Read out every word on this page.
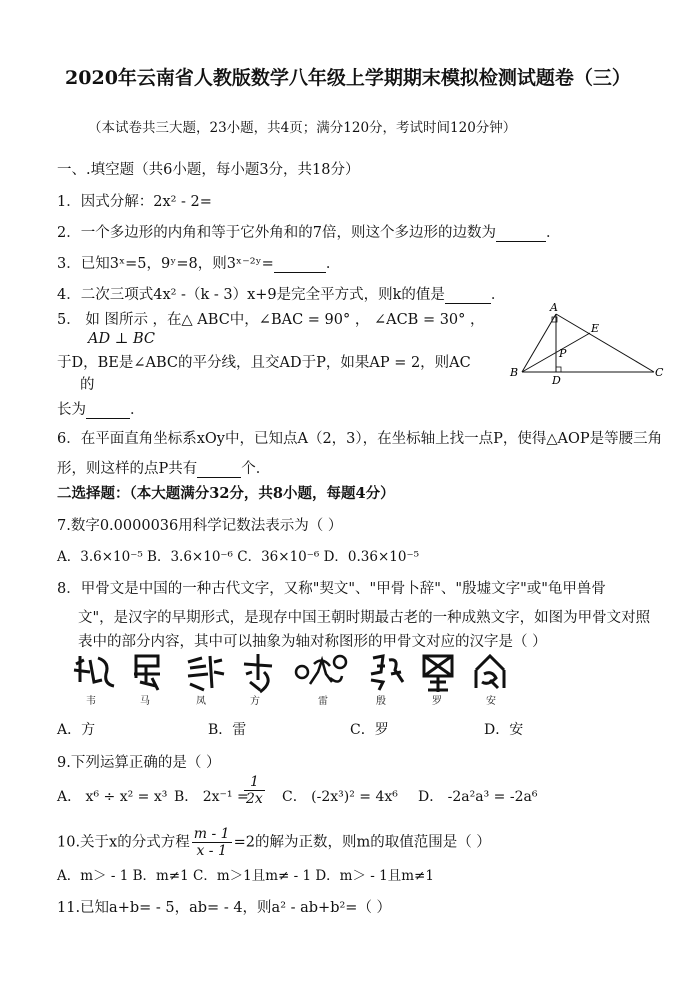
2020年云南省人教版数学八年级上学期期末模拟检测试题卷（三）
（本试卷共三大题，23小题，共4页；满分120分，考试时间120分钟）
一、.填空题（共6小题，每小题3分，共18分）
1．因式分解：2x² - 2=
2．一个多边形的内角和等于它外角和的7倍，则这个多边形的边数为	．
3．已知3ˣ=5，9ʸ=8，则3ˣ⁻²ʸ=	．
4．二次三项式4x² -（k - 3）x+9是完全平方式，则k的值是	．
5． 如 图所示 ，在△ ABC中，∠BAC = 90° ， ∠ACB = 30° ，
AD ⊥ BC
于D，BE是∠ABC的平分线，且交AD于P，如果AP = 2，则AC
的
长为	．
A
B	C
D
E
P
6．在平面直角坐标系xOy中，已知点A（2，3），在坐标轴上找一点P，使得△AOP是等腰三角
形，则这样的点P共有	个．
二选择题：（本大题满分32分，共8小题，每题4分）
7.数字0.0000036用科学记数法表示为（ ）
A．3.6×10⁻⁵ B．3.6×10⁻⁶ C．36×10⁻⁶ D．0.36×10⁻⁵
8．甲骨文是中国的一种古代文字，又称"契文"、"甲骨卜辞"、"殷墟文字"或"龟甲兽骨
文"，是汉字的早期形式，是现存中国王朝时期最古老的一种成熟文字，如图为甲骨文对照
表中的部分内容，其中可以抽象为轴对称图形的甲骨文对应的汉字是（ ）
韦	马	凤	方	雷	殷	罗	安
A．方	B．雷	C．罗	D．安
9.下列运算正确的是（ ）
A． x⁶ ÷ x² = x³ B． 2x⁻¹ =
$\frac{1}{2x}$ C． (-2x³)² = 4x⁶ D． -2a²a³ = -2a⁶
10.关于x的分式方程 $\frac{m - 1}{x - 1} =2$的解为正数，则m的取值范围是（ ）
A．m＞ - 1 B．m≠1 C．m＞1且m≠ - 1 D．m＞ - 1且m≠1
11.已知a+b= - 5，ab= - 4，则a² - ab+b²=（ ）
